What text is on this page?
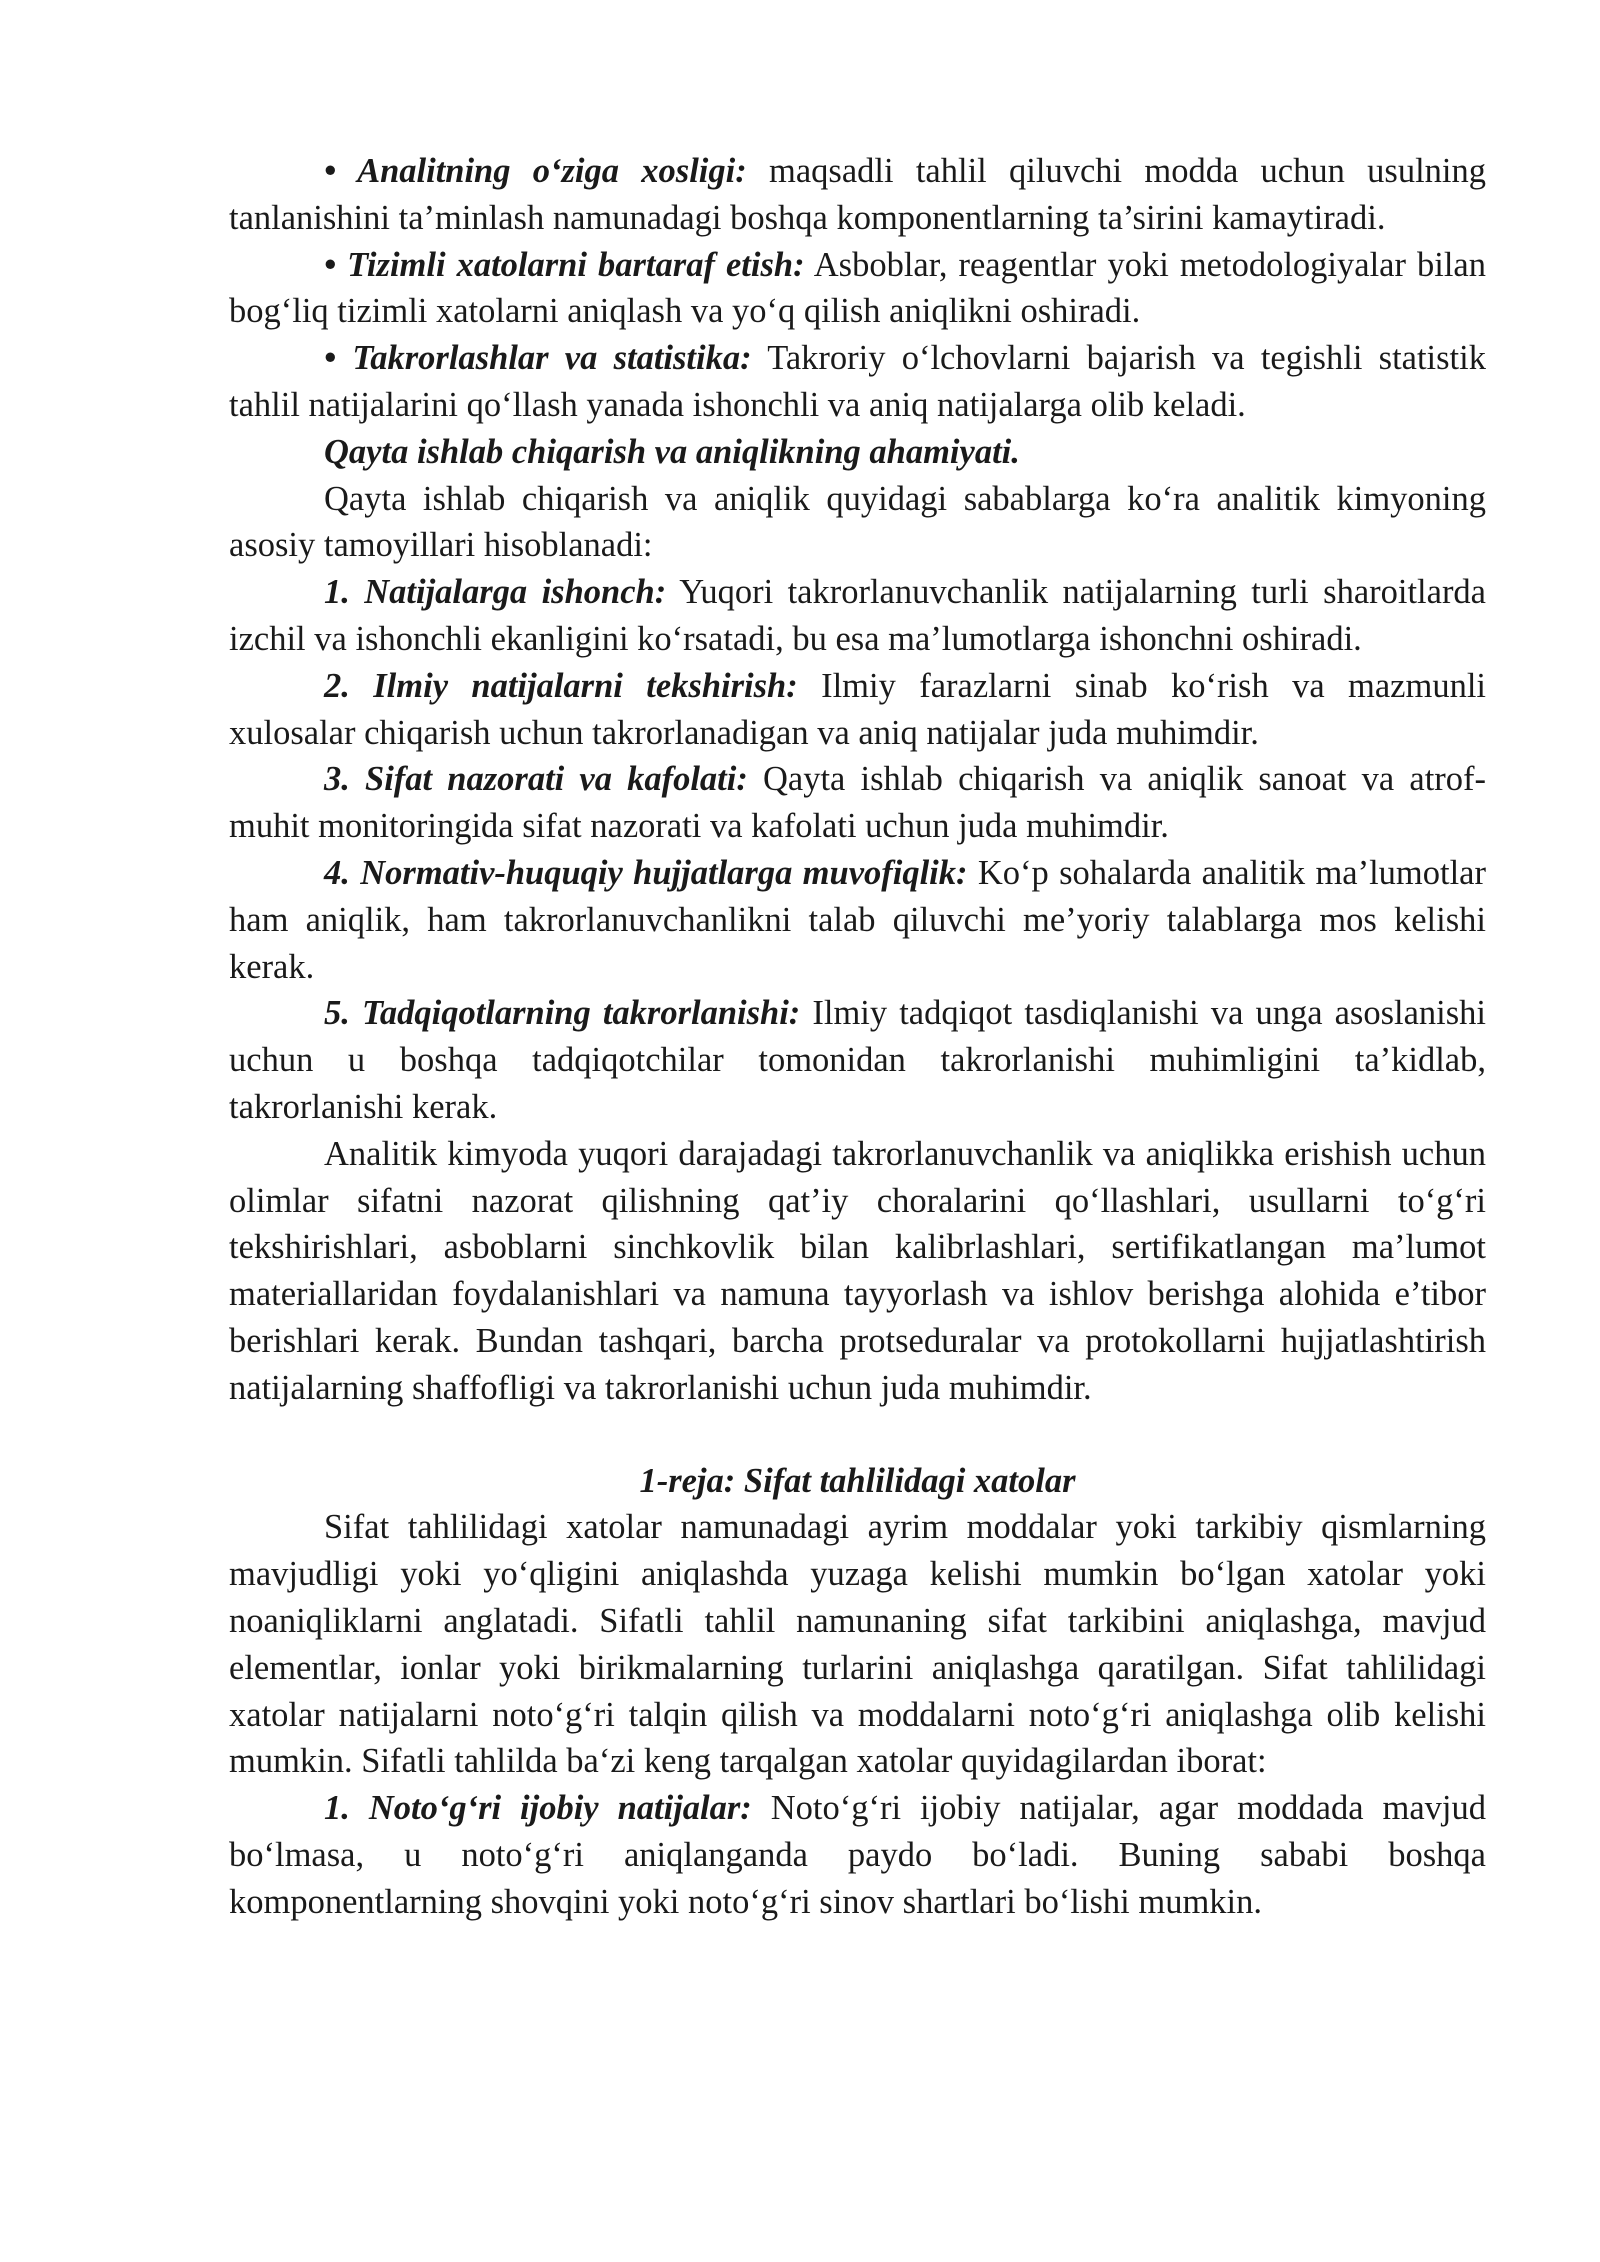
• Analitning o‘ziga xosligi: maqsadli tahlil qiluvchi modda uchun usulning tanlanishini ta’minlash namunadagi boshqa komponentlarning ta’sirini kamaytiradi.

• Tizimli xatolarni bartaraf etish: Asboblar, reagentlar yoki metodologiyalar bilan bog‘liq tizimli xatolarni aniqlash va yo‘q qilish aniqlikni oshiradi.

• Takrorlashlar va statistika: Takroriy o‘lchovlarni bajarish va tegishli statistik tahlil natijalarini qo‘llash yanada ishonchli va aniq natijalarga olib keladi.

Qayta ishlab chiqarish va aniqlikning ahamiyati.

Qayta ishlab chiqarish va aniqlik quyidagi sabablarga ko‘ra analitik kimyoning asosiy tamoyillari hisoblanadi:

1. Natijalarga ishonch: Yuqori takrorlanuvchanlik natijalarning turli sharoitlarda izchil va ishonchli ekanligini ko‘rsatadi, bu esa ma’lumotlarga ishonchni oshiradi.

2. Ilmiy natijalarni tekshirish: Ilmiy farazlarni sinab ko‘rish va mazmunli xulosalar chiqarish uchun takrorlanadigan va aniq natijalar juda muhimdir.

3. Sifat nazorati va kafolati: Qayta ishlab chiqarish va aniqlik sanoat va atrof-muhit monitoringida sifat nazorati va kafolati uchun juda muhimdir.

4. Normativ-huquqiy hujjatlarga muvofiqlik: Ko‘p sohalarda analitik ma’lumotlar ham aniqlik, ham takrorlanuvchanlikni talab qiluvchi me’yoriy talablarga mos kelishi kerak.

5. Tadqiqotlarning takrorlanishi: Ilmiy tadqiqot tasdiqlanishi va unga asoslanishi uchun u boshqa tadqiqotchilar tomonidan takrorlanishi muhimligini ta’kidlab, takrorlanishi kerak.

Analitik kimyoda yuqori darajadagi takrorlanuvchanlik va aniqlikka erishish uchun olimlar sifatni nazorat qilishning qat’iy choralarini qo‘llashlari, usullarni to‘g‘ri tekshirishlari, asboblarni sinchkovlik bilan kalibrlashlari, sertifikatlangan ma’lumot materiallaridan foydalanishlari va namuna tayyorlash va ishlov berishga alohida e’tibor berishlari kerak. Bundan tashqari, barcha protseduralar va protokollarni hujjatlashtirish natijalarning shaffofligi va takrorlanishi uchun juda muhimdir.

1-reja: Sifat tahlilidagi xatolar

Sifat tahlilidagi xatolar namunadagi ayrim moddalar yoki tarkibiy qismlarning mavjudligi yoki yo‘qligini aniqlashda yuzaga kelishi mumkin bo‘lgan xatolar yoki noaniqliklarni anglatadi. Sifatli tahlil namunaning sifat tarkibini aniqlashga, mavjud elementlar, ionlar yoki birikmalarning turlarini aniqlashga qaratilgan. Sifat tahlilidagi xatolar natijalarni noto‘g‘ri talqin qilish va moddalarni noto‘g‘ri aniqlashga olib kelishi mumkin. Sifatli tahlilda ba‘zi keng tarqalgan xatolar quyidagilardan iborat:

1. Noto‘g‘ri ijobiy natijalar: Noto‘g‘ri ijobiy natijalar, agar moddada mavjud bo‘lmasa, u noto‘g‘ri aniqlanganda paydo bo‘ladi. Buning sababi boshqa komponentlarning shovqini yoki noto‘g‘ri sinov shartlari bo‘lishi mumkin.
